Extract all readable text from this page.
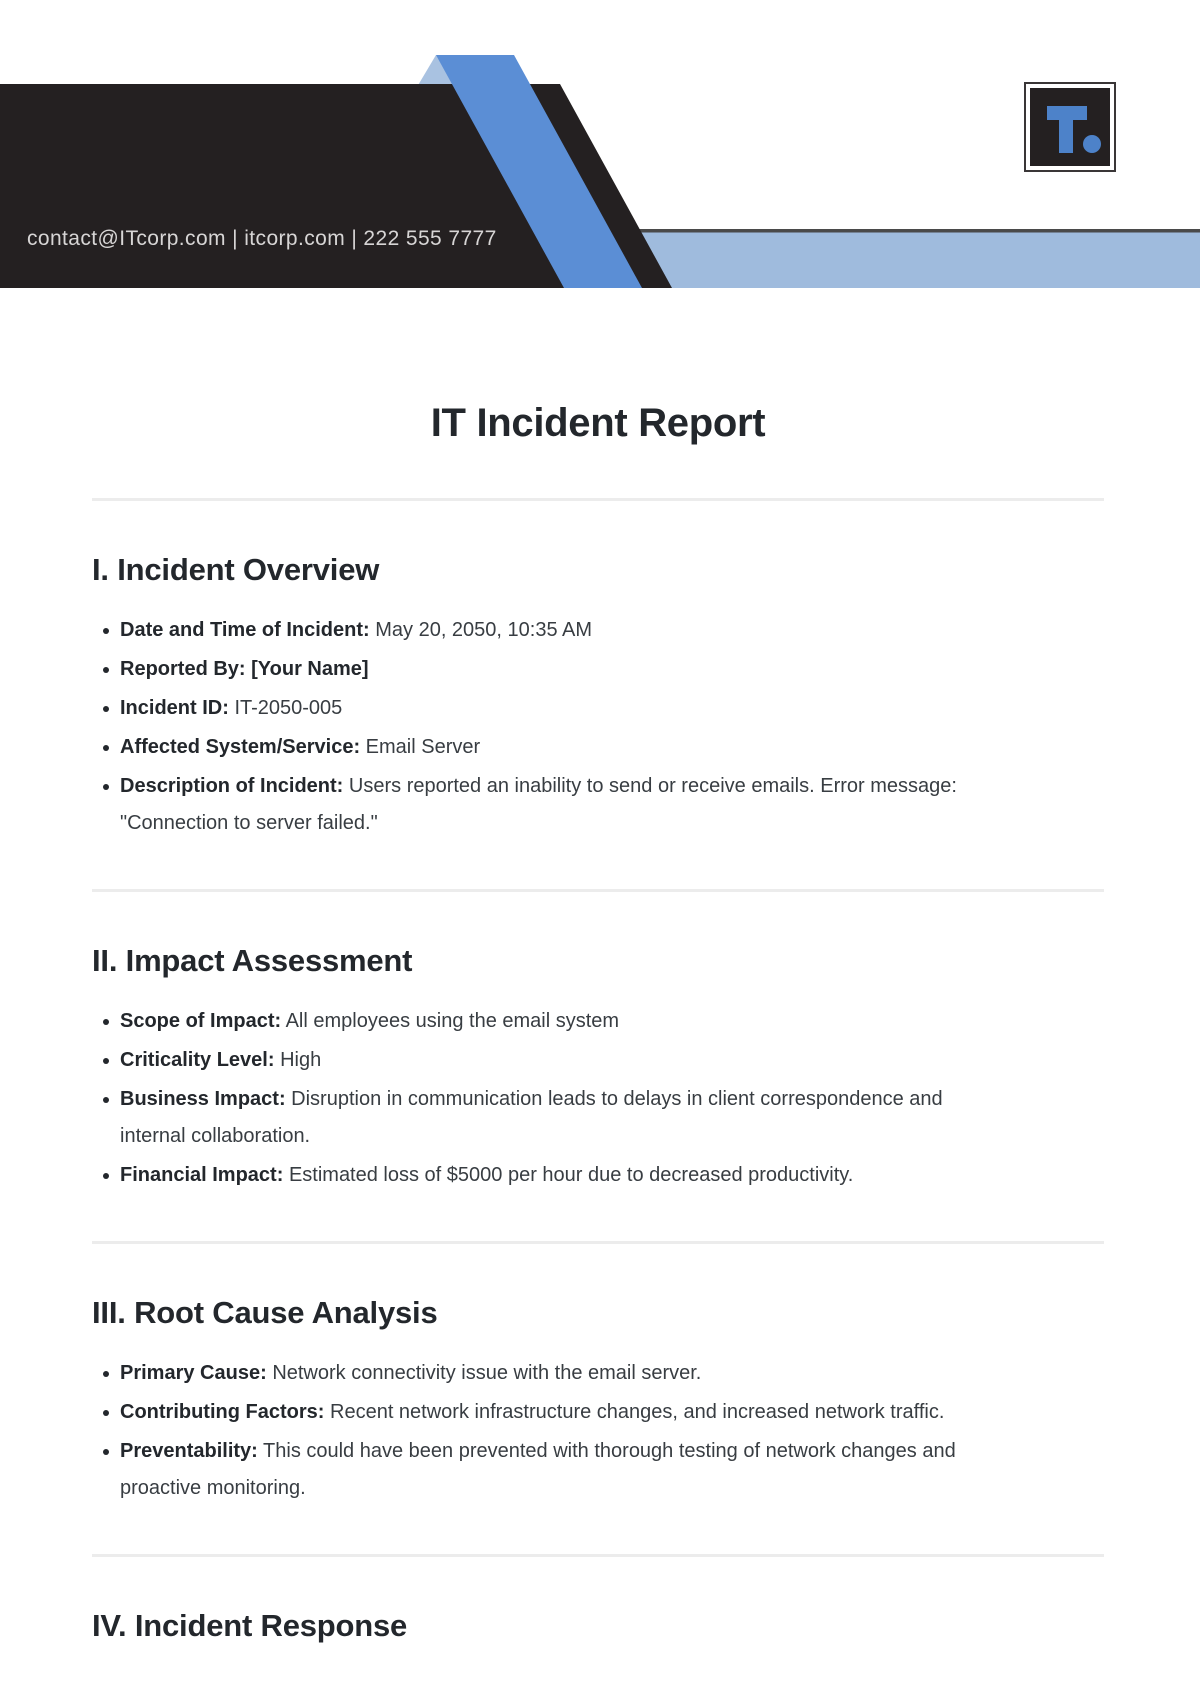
contact@ITcorp.com | itcorp.com | 222 555 7777
IT Incident Report
I. Incident Overview
Date and Time of Incident: May 20, 2050, 10:35 AM
Reported By: [Your Name]
Incident ID: IT-2050-005
Affected System/Service: Email Server
Description of Incident: Users reported an inability to send or receive emails. Error message: "Connection to server failed."
II. Impact Assessment
Scope of Impact: All employees using the email system
Criticality Level: High
Business Impact: Disruption in communication leads to delays in client correspondence and internal collaboration.
Financial Impact: Estimated loss of $5000 per hour due to decreased productivity.
III. Root Cause Analysis
Primary Cause: Network connectivity issue with the email server.
Contributing Factors: Recent network infrastructure changes, and increased network traffic.
Preventability: This could have been prevented with thorough testing of network changes and proactive monitoring.
IV. Incident Response
